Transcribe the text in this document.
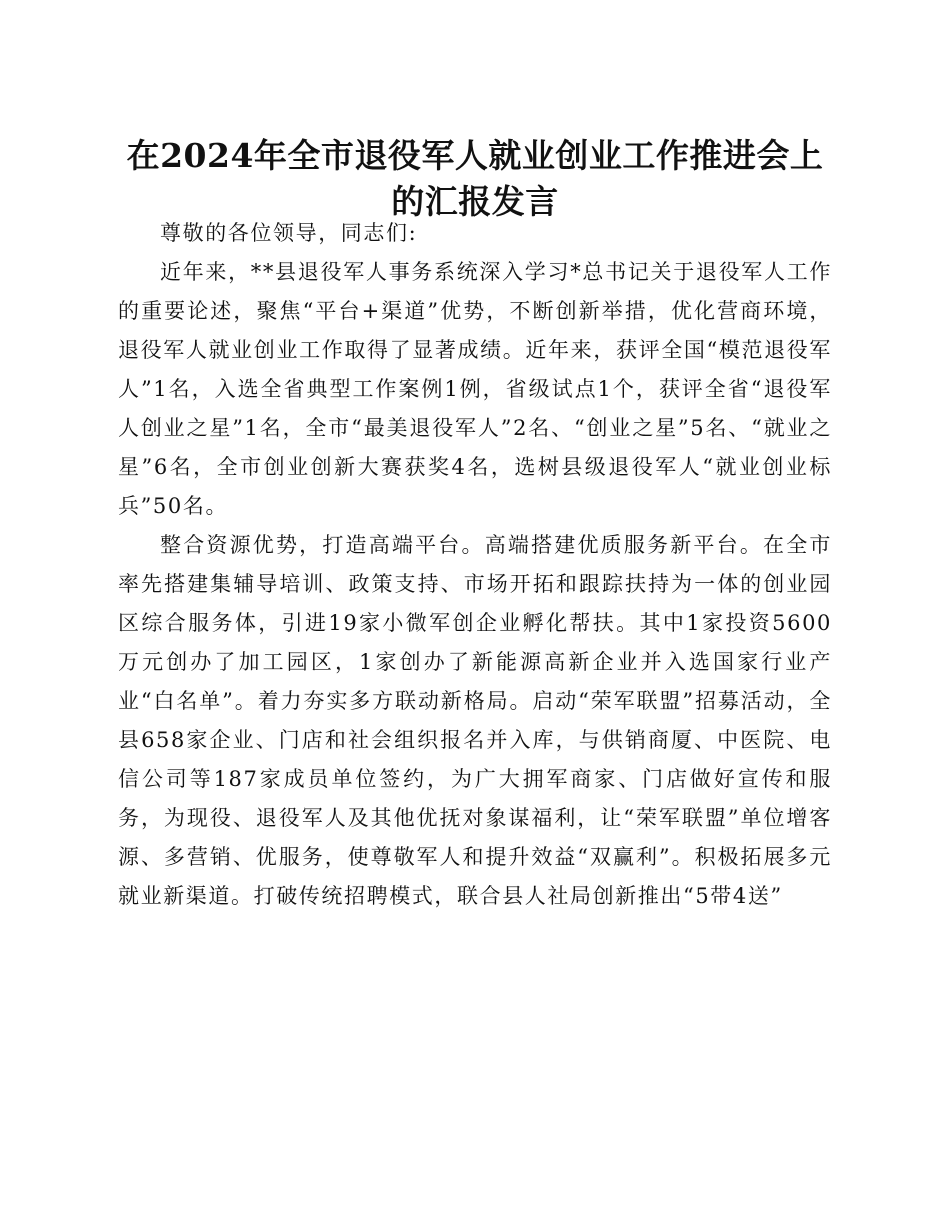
在2024年全市退役军人就业创业工作推进会上的汇报发言

尊敬的各位领导，同志们:

近年来，**县退役军人事务系统深入学习*总书记关于退役军人工作的重要论述，聚焦“平台+渠道”优势，不断创新举措，优化营商环境，退役军人就业创业工作取得了显著成绩。近年来，获评全国“模范退役军人”1名，入选全省典型工作案例1例，省级试点1个，获评全省“退役军人创业之星”1名，全市“最美退役军人”2名、“创业之星”5名、“就业之星”6名，全市创业创新大赛获奖4名，选树县级退役军人“就业创业标兵”50名。

整合资源优势，打造高端平台。高端搭建优质服务新平台。在全市率先搭建集辅导培训、政策支持、市场开拓和跟踪扶持为一体的创业园区综合服务体，引进19家小微军创企业孵化帮扶。其中1家投资5600万元创办了加工园区，1家创办了新能源高新企业并入选国家行业产业“白名单”。着力夯实多方联动新格局。启动“荣军联盟”招募活动，全县658家企业、门店和社会组织报名并入库，与供销商厦、中医院、电信公司等187家成员单位签约，为广大拥军商家、门店做好宣传和服务，为现役、退役军人及其他优抚对象谋福利，让“荣军联盟”单位增客源、多营销、优服务，使尊敬军人和提升效益“双赢利”。积极拓展多元就业新渠道。打破传统招聘模式，联合县人社局创新推出“5带4送”
